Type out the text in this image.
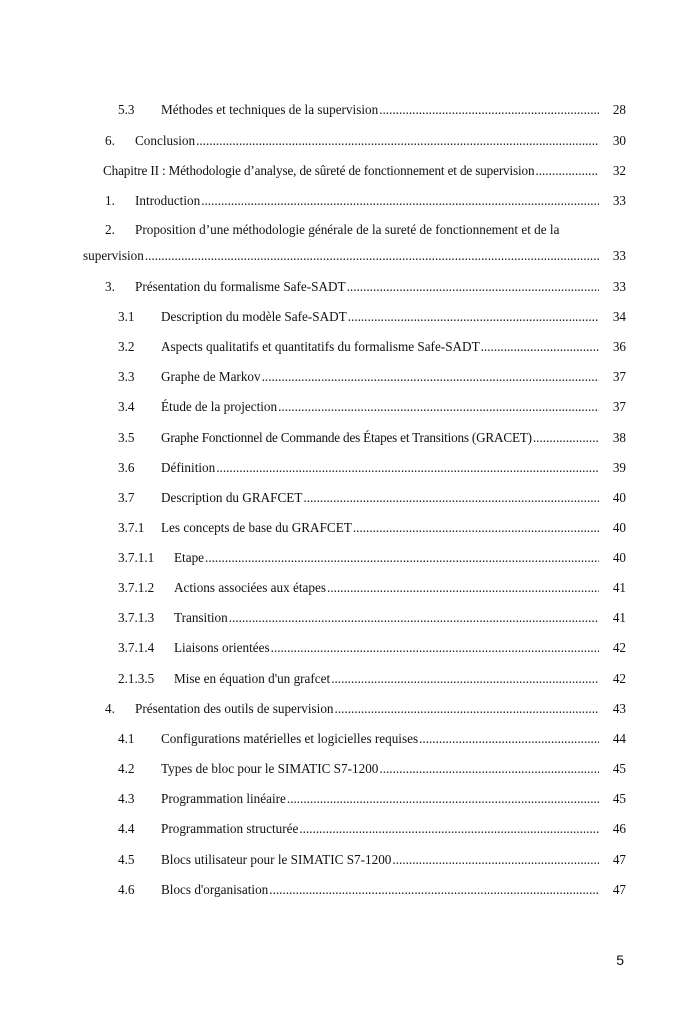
5.3 Méthodes et techniques de la supervision .....	28
6. Conclusion .....	30
Chapitre II : Méthodologie d’analyse, de sûreté de fonctionnement et de supervision .....	32
1. Introduction .....	33
2. Proposition d’une méthodologie générale de la sureté de fonctionnement et de la
supervision .....	33
3. Présentation du formalisme Safe-SADT .....	33
3.1 Description du modèle Safe-SADT .....	34
3.2 Aspects qualitatifs et quantitatifs du formalisme Safe-SADT .....	36
3.3 Graphe de Markov .....	37
3.4 Étude de la projection .....	37
3.5 Graphe Fonctionnel de Commande des Étapes et Transitions (GRACET) .....	38
3.6 Définition .....	39
3.7 Description du GRAFCET .....	40
3.7.1 Les concepts de base du GRAFCET .....	40
3.7.1.1 Etape .....	40
3.7.1.2 Actions associées aux étapes .....	41
3.7.1.3 Transition .....	41
3.7.1.4 Liaisons orientées .....	42
2.1.3.5 Mise en équation d'un grafcet .....	42
4. Présentation des outils de supervision .....	43
4.1 Configurations matérielles et logicielles requises .....	44
4.2 Types de bloc pour le SIMATIC S7-1200 .....	45
4.3 Programmation linéaire .....	45
4.4 Programmation structurée .....	46
4.5 Blocs utilisateur pour le SIMATIC S7-1200 .....	47
4.6 Blocs d'organisation .....	47
5
